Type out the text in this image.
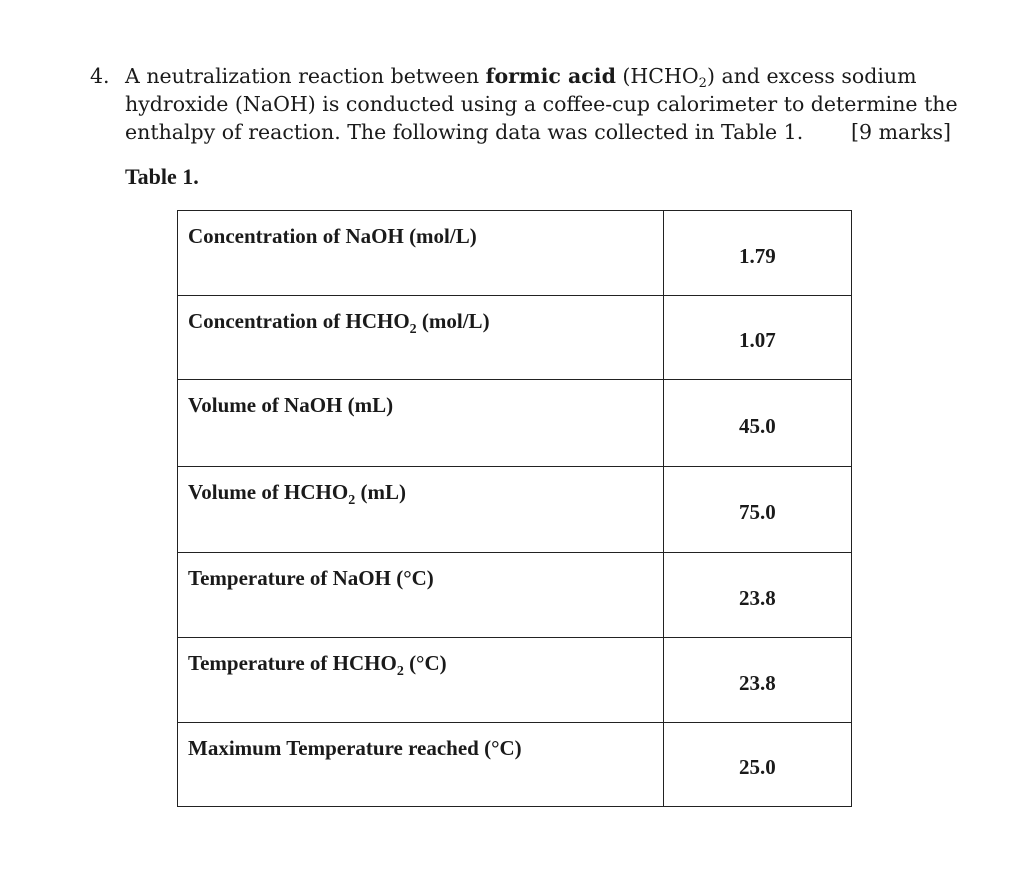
4. A neutralization reaction between formic acid $(HCHO_2)$ and excess sodium
hydroxide (NaOH) is conducted using a coffee-cup calorimeter to determine the
enthalpy of reaction. The following data was collected in Table 1. [9 marks]
Table 1.
Concentration of NaOH (mol/L)	1.79
Concentration of $HCHO_2$ (mol/L)	1.07
Volume of NaOH (mL)	45.0
Volume of $HCHO_2$ (mL)	75.0
Temperature of NaOH (°C)	23.8
Temperature of $HCHO_2$ (°C)	23.8
Maximum Temperature reached (°C)	25.0
